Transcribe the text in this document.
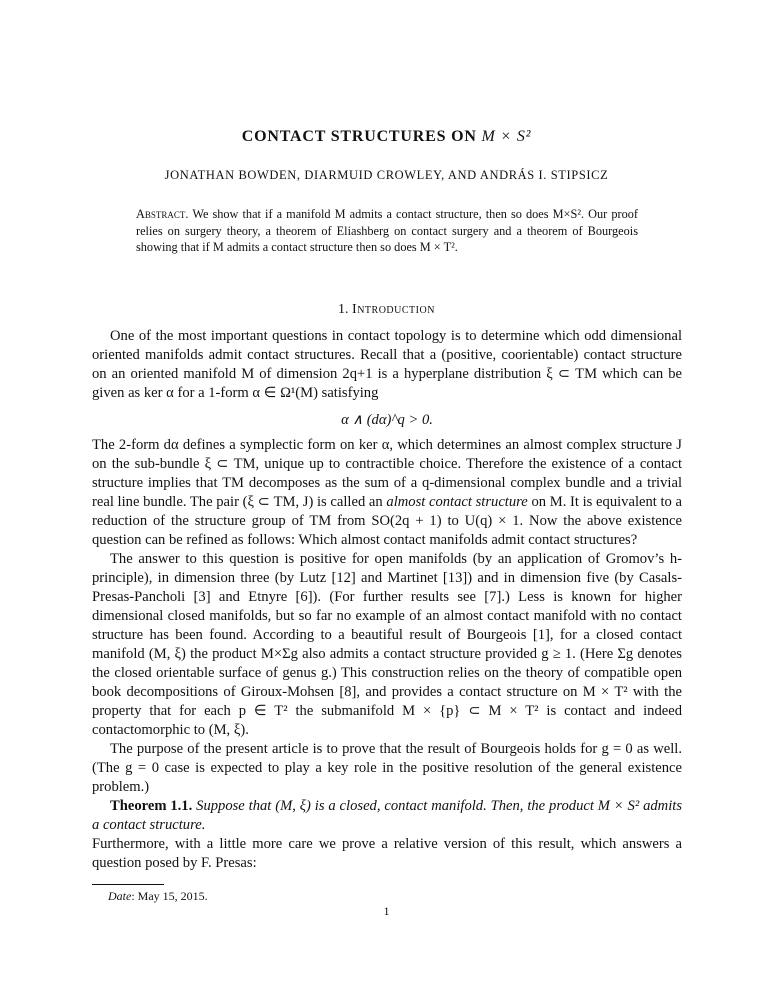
CONTACT STRUCTURES ON M × S²
JONATHAN BOWDEN, DIARMUID CROWLEY, AND ANDRÁS I. STIPSICZ
Abstract. We show that if a manifold M admits a contact structure, then so does M×S². Our proof relies on surgery theory, a theorem of Eliashberg on contact surgery and a theorem of Bourgeois showing that if M admits a contact structure then so does M × T².
1. Introduction

One of the most important questions in contact topology is to determine which odd dimensional oriented manifolds admit contact structures. Recall that a (positive, coorientable) contact structure on an oriented manifold M of dimension 2q+1 is a hyperplane distribution ξ ⊂ TM which can be given as ker α for a 1-form α ∈ Ω¹(M) satisfying

α ∧ (dα)^q > 0.

The 2-form dα defines a symplectic form on ker α, which determines an almost complex structure J on the sub-bundle ξ ⊂ TM, unique up to contractible choice. Therefore the existence of a contact structure implies that TM decomposes as the sum of a q-dimensional complex bundle and a trivial real line bundle. The pair (ξ ⊂ TM, J) is called an almost contact structure on M. It is equivalent to a reduction of the structure group of TM from SO(2q + 1) to U(q) × 1. Now the above existence question can be refined as follows: Which almost contact manifolds admit contact structures?

The answer to this question is positive for open manifolds (by an application of Gromov’s h-principle), in dimension three (by Lutz [12] and Martinet [13]) and in dimension five (by Casals-Presas-Pancholi [3] and Etnyre [6]). (For further results see [7].) Less is known for higher dimensional closed manifolds, but so far no example of an almost contact manifold with no contact structure has been found. According to a beautiful result of Bourgeois [1], for a closed contact manifold (M, ξ) the product M×Σg also admits a contact structure provided g ≥ 1. (Here Σg denotes the closed orientable surface of genus g.) This construction relies on the theory of compatible open book decompositions of Giroux-Mohsen [8], and provides a contact structure on M × T² with the property that for each p ∈ T² the submanifold M × {p} ⊂ M × T² is contact and indeed contactomorphic to (M, ξ).

The purpose of the present article is to prove that the result of Bourgeois holds for g = 0 as well. (The g = 0 case is expected to play a key role in the positive resolution of the general existence problem.)

Theorem 1.1. Suppose that (M, ξ) is a closed, contact manifold. Then, the product M × S² admits a contact structure.

Furthermore, with a little more care we prove a relative version of this result, which answers a question posed by F. Presas:

Date: May 15, 2015.
1
